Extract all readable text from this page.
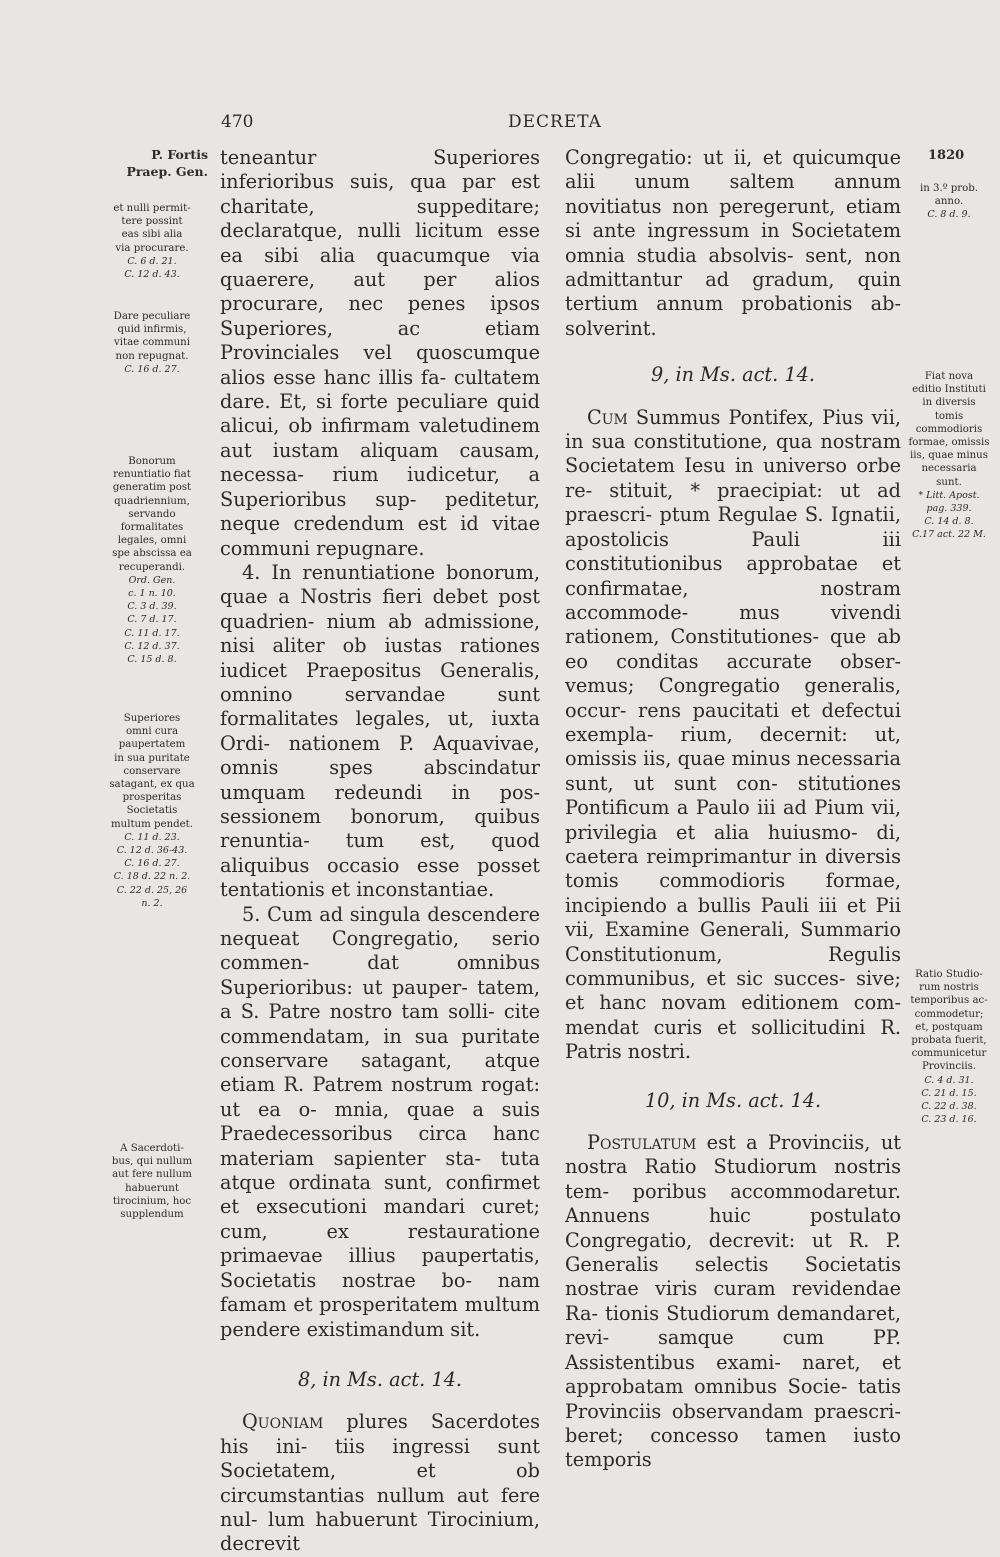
470	DECRETA
P. Fortis
Praep. Gen.
et nulli permit-
tere possint
eas sibi alia
via procurare.
C. 6 d. 21.
C. 12 d. 43.
Dare peculiare
quid infirmis,
vitae communi
non repugnat.
C. 16 d. 27.
Bonorum
renuntiatio fiat
generatim post
quadriennium,
servando
formalitates
legales, omni
spe abscissa ea
recuperandi.
Ord. Gen.
c. 1 n. 10.
C. 3 d. 39.
C. 7 d. 17.
C. 11 d. 17.
C. 12 d. 37.
C. 15 d. 8.
Superiores
omni cura
paupertatem
in sua puritate
conservare
satagant, ex qua
prosperitas
Societatis
multum pendet.
C. 11 d. 23.
C. 12 d. 36-43.
C. 16 d. 27.
C. 18 d. 22 n. 2.
C. 22 d. 25, 26
n. 2.
A Sacerdoti-
bus, qui nullum
aut fere nullum
habuerunt
tirocinium, hoc
supplendum
1820
in 3.º prob.
anno.
C. 8 d. 9.
Fiat nova
editio Instituti
in diversis
tomis
commodioris
formae, omissis
iis, quae minus
necessaria
sunt.
* Litt. Apost.
pag. 339.
C. 14 d. 8.
C.17 act. 22 M.
Ratio Studio-
rum nostris
temporibus ac-
commodetur;
et, postquam
probata fuerit,
communicetur
Provinciis.
C. 4 d. 31.
C. 21 d. 15.
C. 22 d. 38.
C. 23 d. 16.

teneantur Superiores inferioribus suis, qua par est charitate, suppeditare; declaratque, nulli licitum esse ea sibi alia quacumque via quaerere, aut per alios procurare, nec penes ipsos Superiores, ac etiam Provinciales vel quoscumque alios esse hanc illis fa- cultatem dare. Et, si forte peculiare quid alicui, ob infirmam valetudinem aut iustam aliquam causam, necessa- rium iudicetur, a Superioribus sup- peditetur, neque credendum est id vitae communi repugnare.

4. In renuntiatione bonorum, quae a Nostris fieri debet post quadrien- nium ab admissione, nisi aliter ob iustas rationes iudicet Praepositus Generalis, omnino servandae sunt formalitates legales, ut, iuxta Ordi- nationem P. Aquavivae, omnis spes	abscindatur umquam redeundi in pos- sessionem bonorum, quibus renuntia- tum est, quod aliquibus occasio esse posset tentationis et inconstantiae.

5. Cum ad singula descendere nequeat Congregatio, serio commen-	dat omnibus Superioribus: ut pauper- tatem, a S. Patre nostro tam solli- cite commendatam, in sua puritate conservare satagant, atque etiam R. Patrem nostrum rogat: ut ea o- mnia, quae a suis Praedecessoribus circa hanc materiam sapienter sta- tuta atque ordinata sunt, confirmet et exsecutioni mandari curet; cum,	ex restauratione primaevae illius paupertatis, Societatis nostrae bo- nam famam et prosperitatem multum pendere existimandum sit.

8, in Ms. act. 14.

Quoniam plures Sacerdotes his ini- tiis ingressi sunt Societatem, et ob circumstantias nullum aut fere nul- lum habuerunt Tirocinium, decrevit

Congregatio: ut ii, et quicumque alii unum saltem annum novitiatus non peregerunt, etiam si ante ingressum in Societatem omnia studia absolvis- sent, non admittantur ad gradum, quin tertium annum probationis ab- solverint.

9, in Ms. act. 14.

Cum Summus Pontifex, Pius vii, in sua constitutione, qua nostram Societatem Iesu in universo orbe re- stituit, * praecipiat: ut ad praescri- ptum Regulae S. Ignatii, apostolicis	Pauli iii constitutionibus approbatae et confirmatae, nostram accommode-	mus vivendi rationem, Constitutiones- que ab eo conditas accurate obser- vemus; Congregatio generalis, occur- rens paucitati et defectui exempla- rium, decernit: ut, omissis iis, quae minus necessaria sunt, ut sunt con- stitutiones Pontificum a Paulo iii ad Pium vii, privilegia et alia huiusmo- di, caetera reimprimantur in diversis tomis commodioris formae, incipiendo a bullis Pauli iii et Pii vii, Examine Generali, Summario Constitutionum,	Regulis communibus, et sic succes- sive; et hanc novam editionem com- mendat curis et sollicitudini R. Patris nostri.

10, in Ms. act. 14.

Postulatum est a Provinciis, ut nostra Ratio Studiorum nostris tem- poribus accommodaretur. Annuens	huic postulato Congregatio, decrevit: ut R. P. Generalis selectis Societatis nostrae viris curam revidendae Ra- tionis Studiorum demandaret, revi-	samque cum PP. Assistentibus exami- naret, et approbatam omnibus Socie- tatis Provinciis observandam praescri- beret; concesso tamen iusto temporis
